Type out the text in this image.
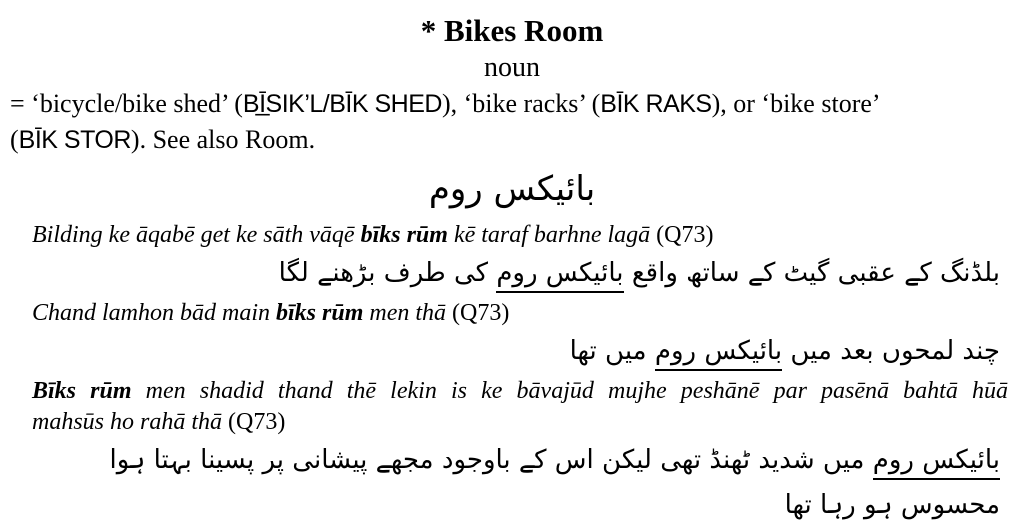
* Bikes Room
noun
= ‘bicycle/bike shed’ (BĪ̲SIK’L/BĪK SHED), ‘bike racks’ (BĪK RAKS), or ‘bike store’
(BĪK STOR). See also Room.
بائیکس روم
Bilding ke āqabē get ke sāth vāqē bīks rūm kē taraf barhne lagā (Q73)
بلڈنگ کے عقبی گیٹ کے ساتھ واقع بائیکس روم کی طرف بڑھنے لگا
Chand lamhon bād main bīks rūm men thā (Q73)
چند لمحوں بعد میں بائیکس روم میں تھا
Bīks rūm men shadid thand thē lekin is ke bāvajūd mujhe peshānē par pasēnā bahtā hūā
mahsūs ho rahā thā (Q73)
بائیکس روم میں شدید ٹھنڈ تھی لیکن اس کے باوجود مجھے پیشانی پر پسینا بہتا ہوا محسوس ہو رہا تھا
